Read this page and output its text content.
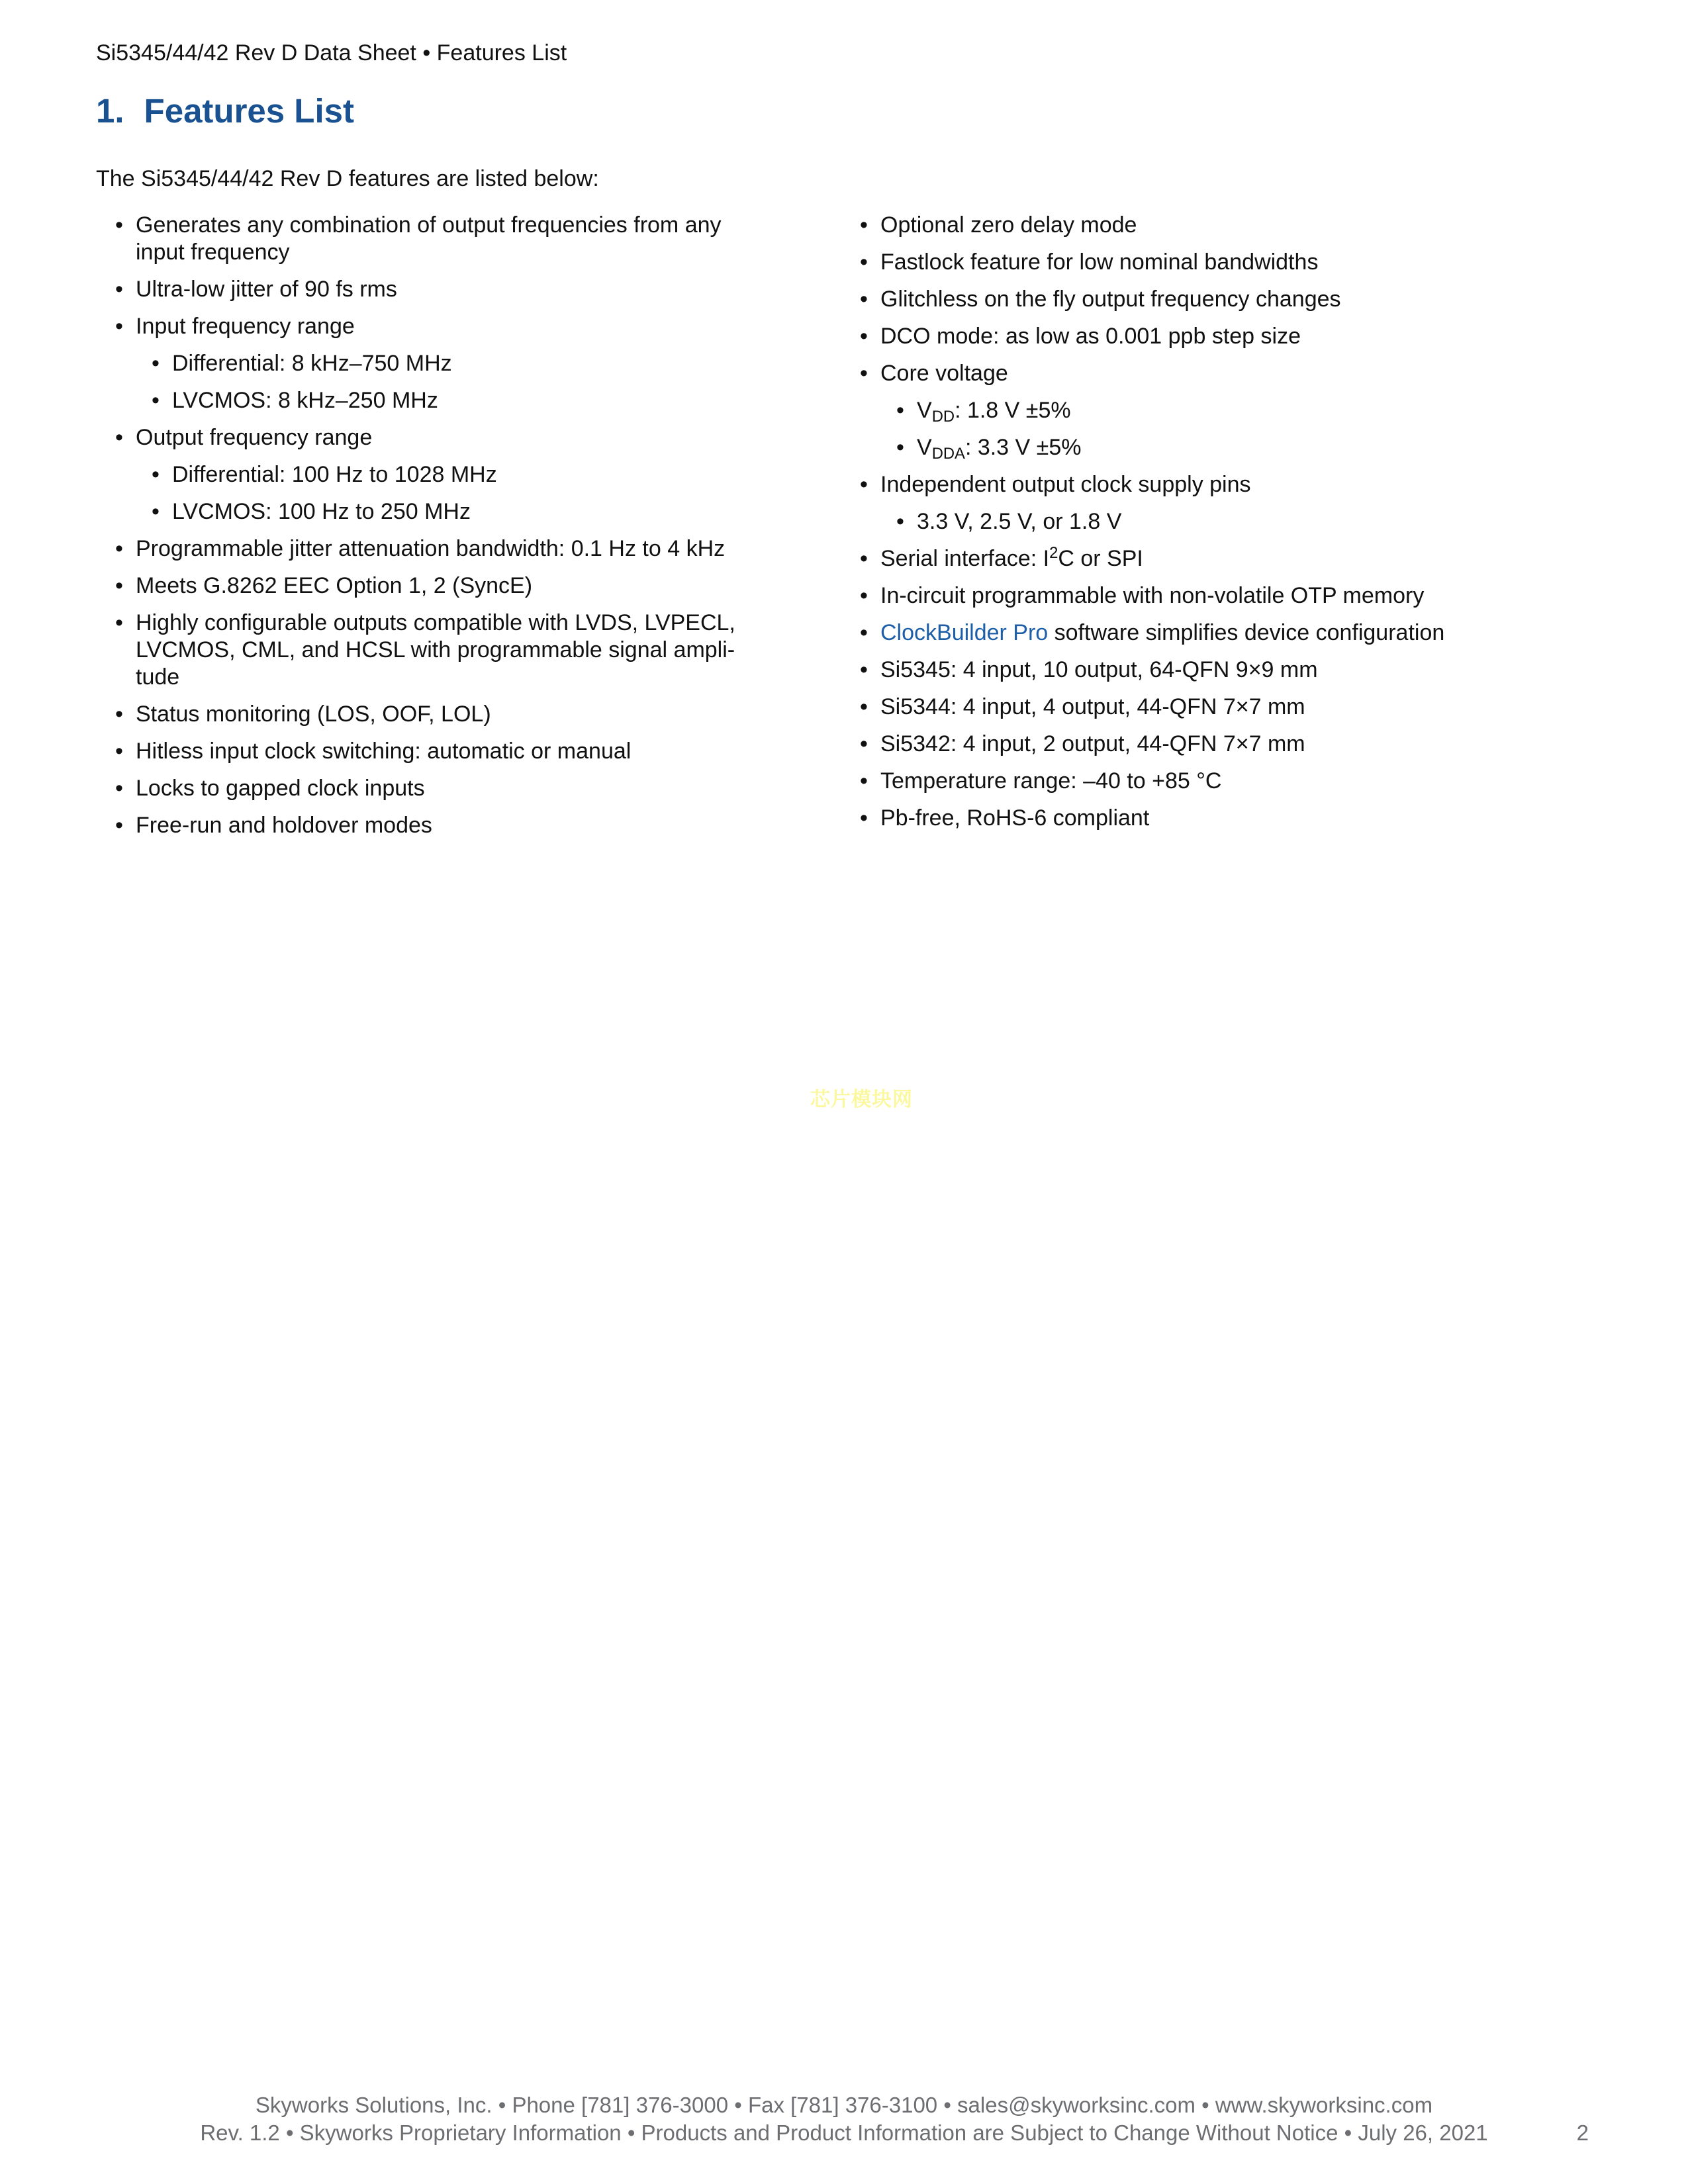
Si5345/44/42 Rev D Data Sheet • Features List
1. Features List
The Si5345/44/42 Rev D features are listed below:
• Generates any combination of output frequencies from any input frequency
• Ultra-low jitter of 90 fs rms
• Input frequency range
• Differential: 8 kHz–750 MHz
• LVCMOS: 8 kHz–250 MHz
• Output frequency range
• Differential: 100 Hz to 1028 MHz
• LVCMOS: 100 Hz to 250 MHz
• Programmable jitter attenuation bandwidth: 0.1 Hz to 4 kHz
• Meets G.8262 EEC Option 1, 2 (SyncE)
• Highly configurable outputs compatible with LVDS, LVPECL, LVCMOS, CML, and HCSL with programmable signal amplitude
• Status monitoring (LOS, OOF, LOL)
• Hitless input clock switching: automatic or manual
• Locks to gapped clock inputs
• Free-run and holdover modes
• Optional zero delay mode
• Fastlock feature for low nominal bandwidths
• Glitchless on the fly output frequency changes
• DCO mode: as low as 0.001 ppb step size
• Core voltage
• $V_{DD}$: 1.8 V ±5%
• $V_{DDA}$: 3.3 V ±5%
• Independent output clock supply pins
• 3.3 V, 2.5 V, or 1.8 V
• Serial interface: $I^2C$ or SPI
• In-circuit programmable with non-volatile OTP memory
• ClockBuilder Pro software simplifies device configuration
• Si5345: 4 input, 10 output, 64-QFN 9×9 mm
• Si5344: 4 input, 4 output, 44-QFN 7×7 mm
• Si5342: 4 input, 2 output, 44-QFN 7×7 mm
• Temperature range: –40 to +85 °C
• Pb-free, RoHS-6 compliant
芯片模块网
Skyworks Solutions, Inc. • Phone [781] 376-3000 • Fax [781] 376-3100 • sales@skyworksinc.com • www.skyworksinc.com
Rev. 1.2 • Skyworks Proprietary Information • Products and Product Information are Subject to Change Without Notice • July 26, 2021	2
